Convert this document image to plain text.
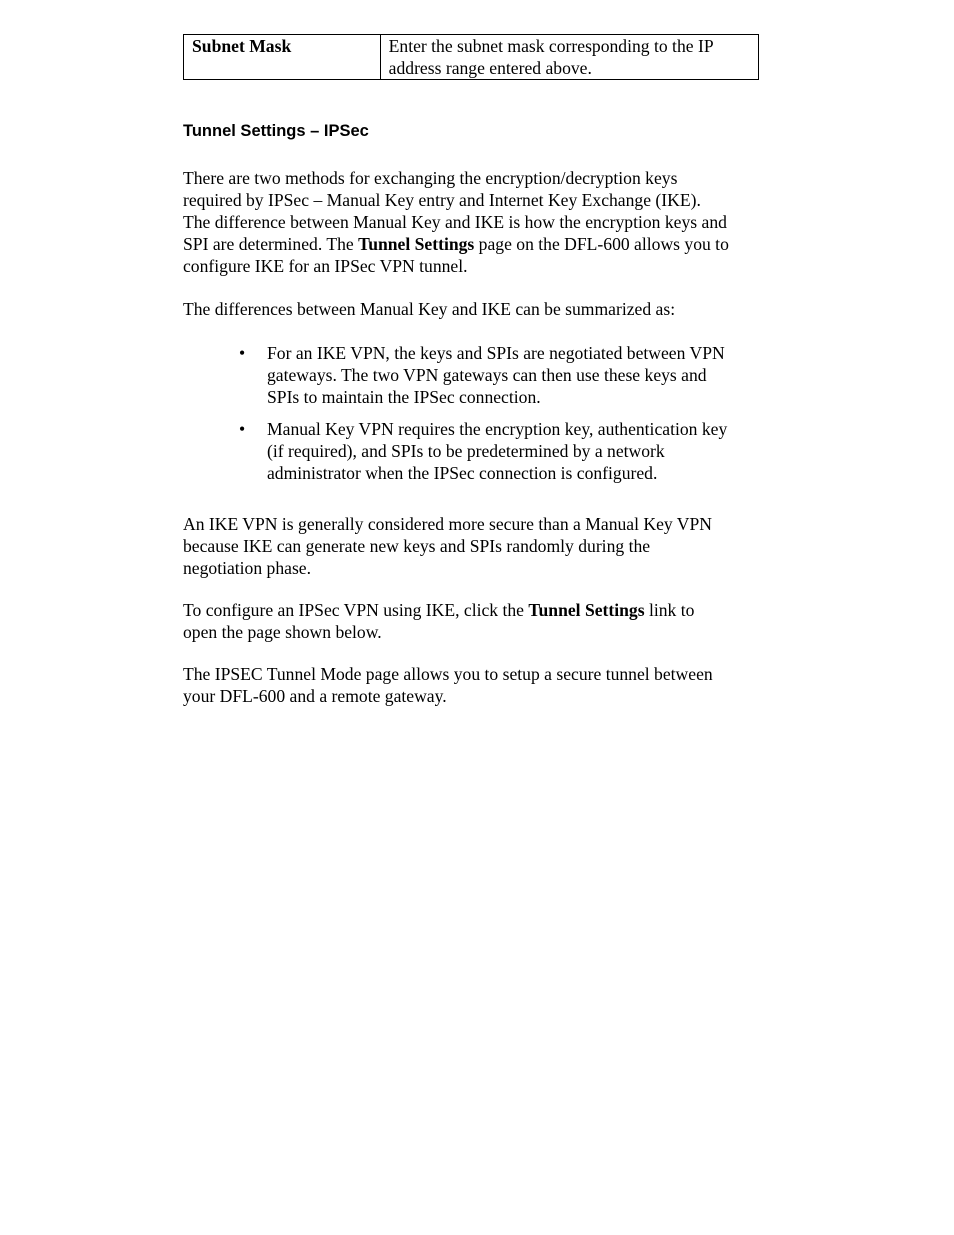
Subnet Mask	Enter the subnet mask corresponding to the IP
address range entered above.
Tunnel Settings – IPSec

There are two methods for exchanging the encryption/decryption keys
required by IPSec – Manual Key entry and Internet Key Exchange (IKE).
The difference between Manual Key and IKE is how the encryption keys and
SPI are determined. The Tunnel Settings page on the DFL-600 allows you to
configure IKE for an IPSec VPN tunnel.

The differences between Manual Key and IKE can be summarized as:

• For an IKE VPN, the keys and SPIs are negotiated between VPN
gateways. The two VPN gateways can then use these keys and
SPIs to maintain the IPSec connection.
• Manual Key VPN requires the encryption key, authentication key
(if required), and SPIs to be predetermined by a network
administrator when the IPSec connection is configured.

An IKE VPN is generally considered more secure than a Manual Key VPN
because IKE can generate new keys and SPIs randomly during the
negotiation phase.

To configure an IPSec VPN using IKE, click the Tunnel Settings link to
open the page shown below.

The IPSEC Tunnel Mode page allows you to setup a secure tunnel between
your DFL-600 and a remote gateway.
